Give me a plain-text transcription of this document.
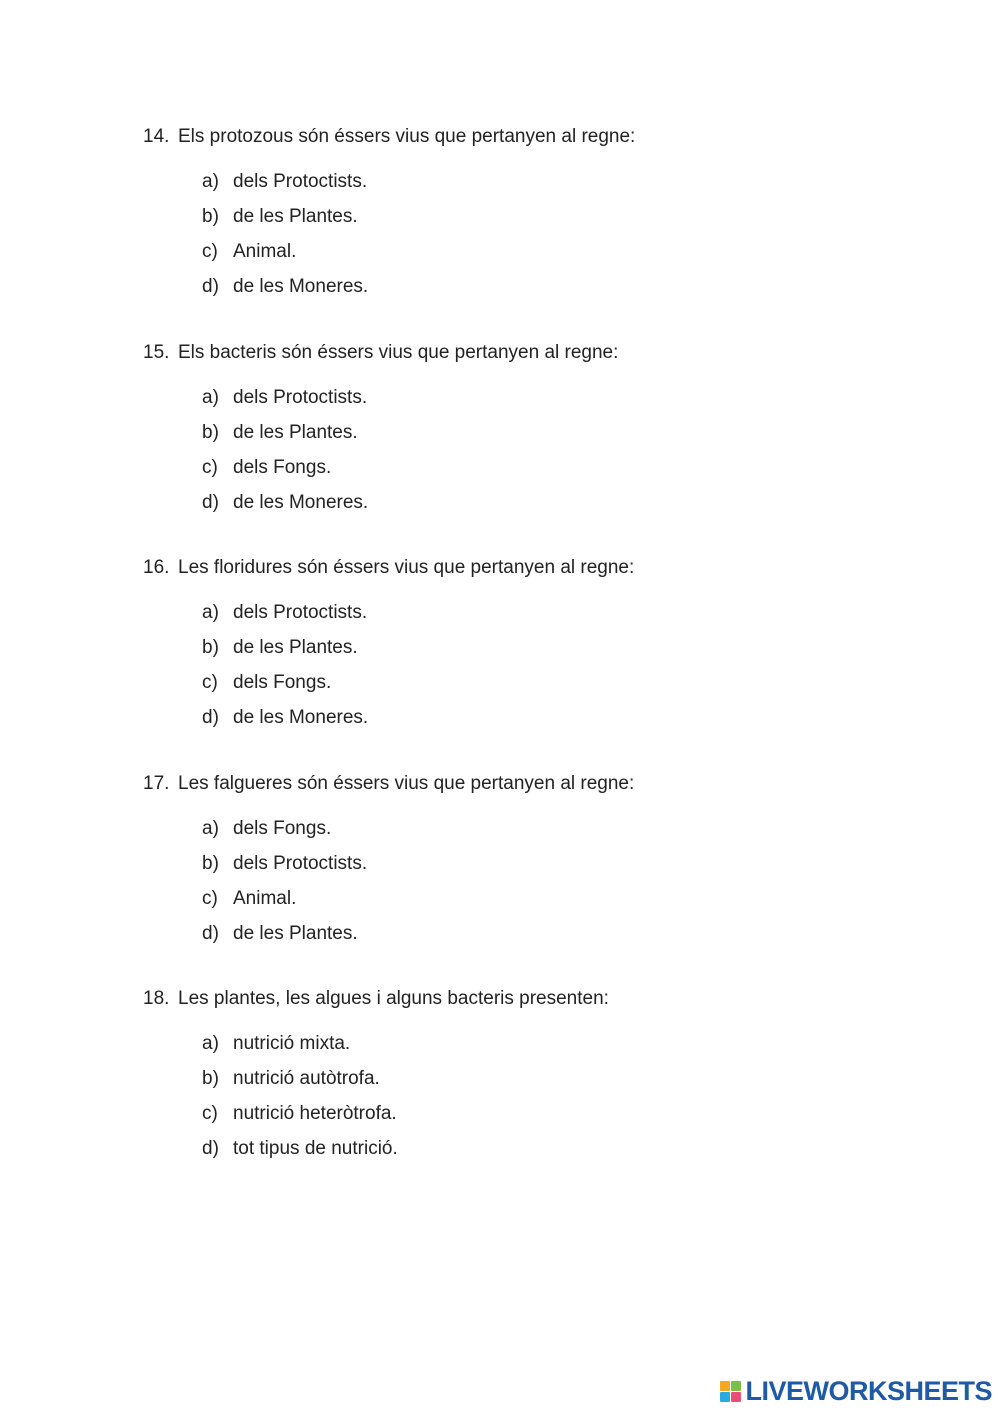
14. Els protozous són éssers vius que pertanyen al regne:
a) dels Protoctists.
b) de les Plantes.
c) Animal.
d) de les Moneres.
15. Els bacteris són éssers vius que pertanyen al regne:
a) dels Protoctists.
b) de les Plantes.
c) dels Fongs.
d) de les Moneres.
16. Les floridures són éssers vius que pertanyen al regne:
a) dels Protoctists.
b) de les Plantes.
c) dels Fongs.
d) de les Moneres.
17. Les falgueres són éssers vius que pertanyen al regne:
a) dels Fongs.
b) dels Protoctists.
c) Animal.
d) de les Plantes.
18. Les plantes, les algues i alguns bacteris presenten:
a) nutrició mixta.
b) nutrició autòtrofa.
c) nutrició heteròtrofa.
d) tot tipus de nutrició.
LIVEWORKSHEETS
